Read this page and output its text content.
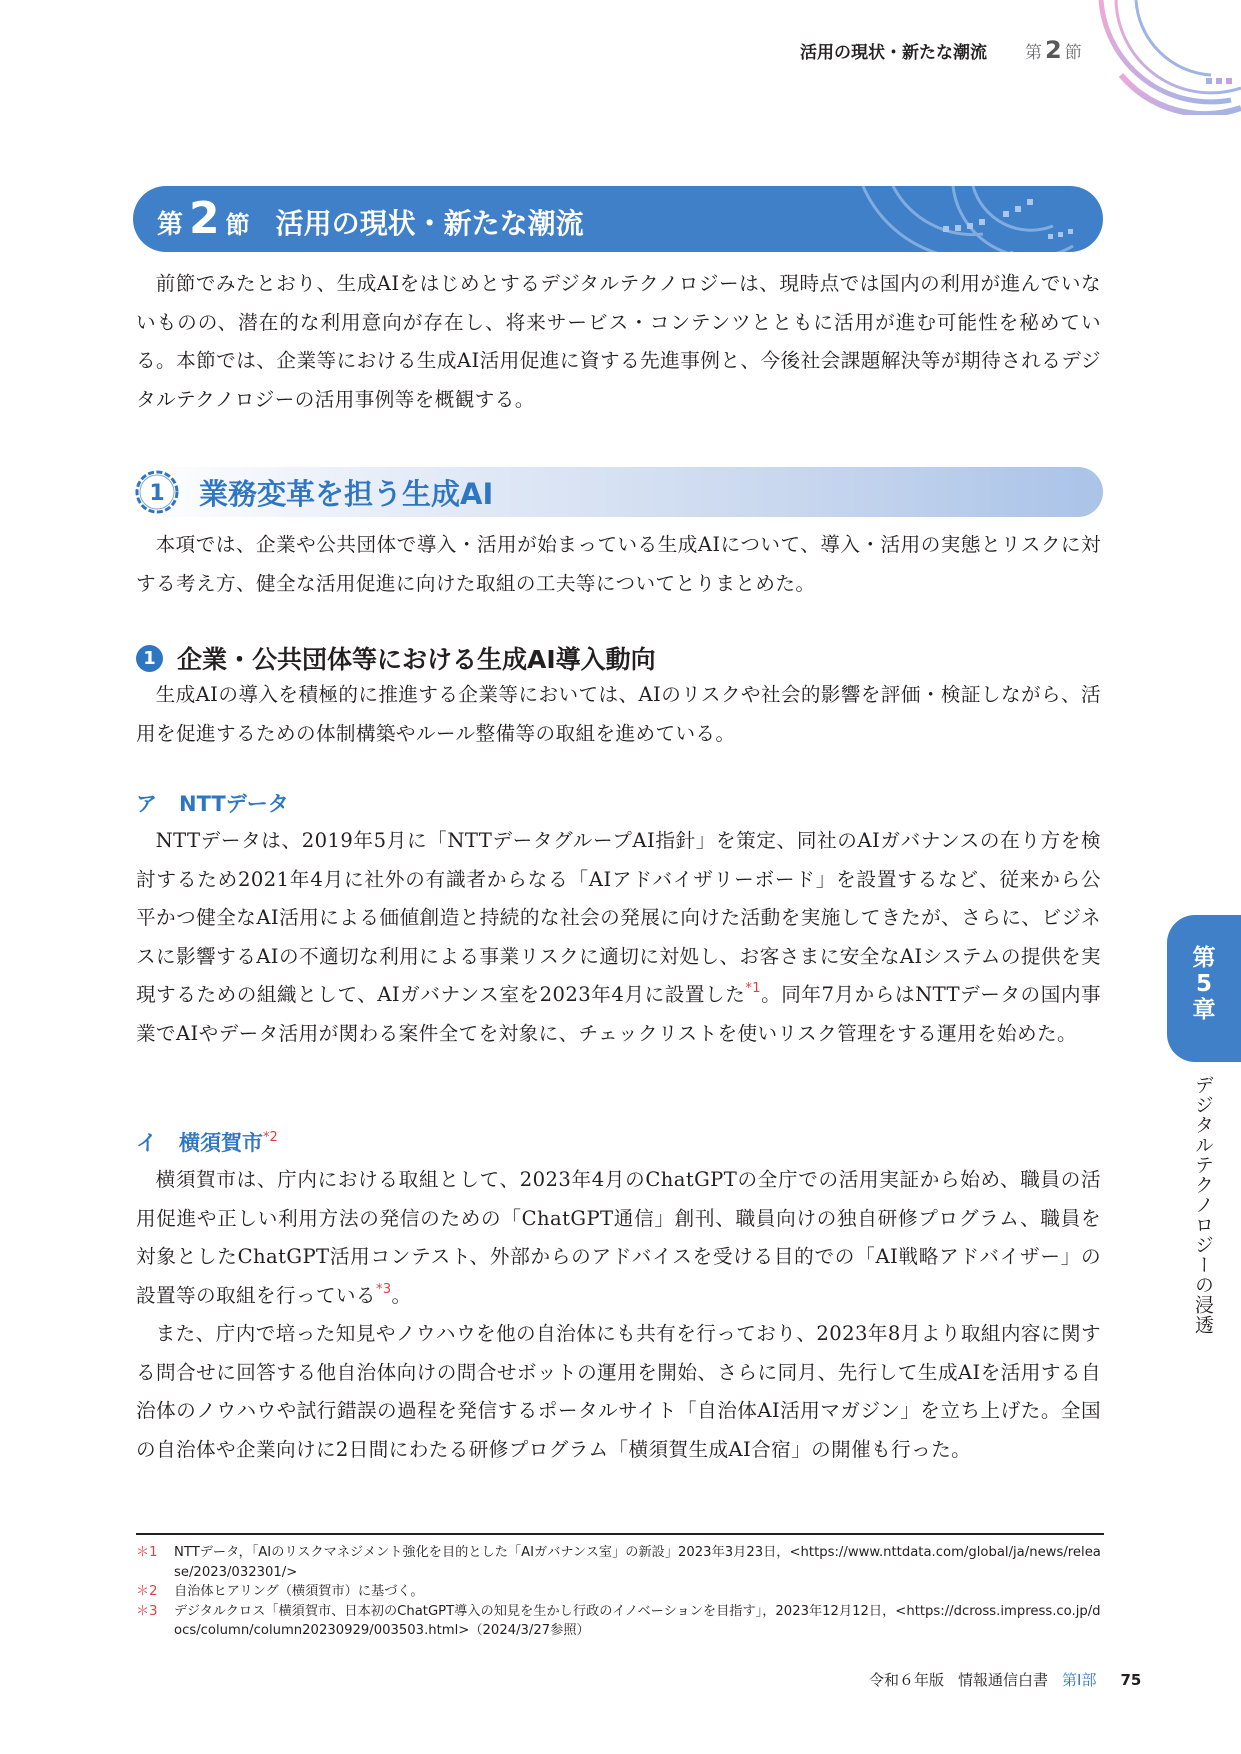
活用の現状・新たな潮流 第 2 節
第 2 節 活用の現状・新たな潮流

前節でみたとおり、生成AIをはじめとするデジタルテクノロジーは、現時点では国内の利用が進んでいないものの、潜在的な利用意向が存在し、将来サービス・コンテンツとともに活用が進む可能性を秘めている。本節では、企業等における生成AI活用促進に資する先進事例と、今後社会課題解決等が期待されるデジタルテクノロジーの活用事例等を概観する。

1 業務変革を担う生成AI

本項では、企業や公共団体で導入・活用が始まっている生成AIについて、導入・活用の実態とリスクに対する考え方、健全な活用促進に向けた取組の工夫等についてとりまとめた。

1 企業・公共団体等における生成AI導入動向

生成AIの導入を積極的に推進する企業等においては、AIのリスクや社会的影響を評価・検証しながら、活用を促進するための体制構築やルール整備等の取組を進めている。

ア NTTデータ

NTTデータは、2019年5月に「NTTデータグループAI指針」を策定、同社のAIガバナンスの在り方を検討するため2021年4月に社外の有識者からなる「AIアドバイザリーボード」を設置するなど、従来から公平かつ健全なAI活用による価値創造と持続的な社会の発展に向けた活動を実施してきたが、さらに、ビジネスに影響するAIの不適切な利用による事業リスクに適切に対処し、お客さまに安全なAIシステムの提供を実現するための組織として、AIガバナンス室を2023年4月に設置した$^{*1}$。同年7月からはNTTデータの国内事業でAIやデータ活用が関わる案件全てを対象に、チェックリストを使いリスク管理をする運用を始めた。

イ 横須賀市$^{*2}$

横須賀市は、庁内における取組として、2023年4月のChatGPTの全庁での活用実証から始め、職員の活用促進や正しい利用方法の発信のための「ChatGPT通信」創刊、職員向けの独自研修プログラム、職員を対象としたChatGPT活用コンテスト、外部からのアドバイスを受ける目的での「AI戦略アドバイザー」の設置等の取組を行っている$^{*3}$。

また、庁内で培った知見やノウハウを他の自治体にも共有を行っており、2023年8月より取組内容に関する問合せに回答する他自治体向けの問合せボットの運用を開始、さらに同月、先行して生成AIを活用する自治体のノウハウや試行錯誤の過程を発信するポータルサイト「自治体AI活用マガジン」を立ち上げた。全国の自治体や企業向けに2日間にわたる研修プログラム「横須賀生成AI合宿」の開催も行った。

第
5
章
デジタルテクノロジーの浸透
＊1	NTTデータ，「AIのリスクマネジメント強化を目的とした「AIガバナンス室」の新設」2023年3月23日，<https://www.nttdata.com/global/ja/news/release/2023/032301/>
＊2	自治体ヒアリング（横須賀市）に基づく。
＊3	デジタルクロス「横須賀市、日本初のChatGPT導入の知見を生かし行政のイノベーションを目指す」，2023年12月12日，<https://dcross.impress.co.jp/docs/column/column20230929/003503.html>（2024/3/27参照）
令和６年版 情報通信白書 第Ⅰ部 75
